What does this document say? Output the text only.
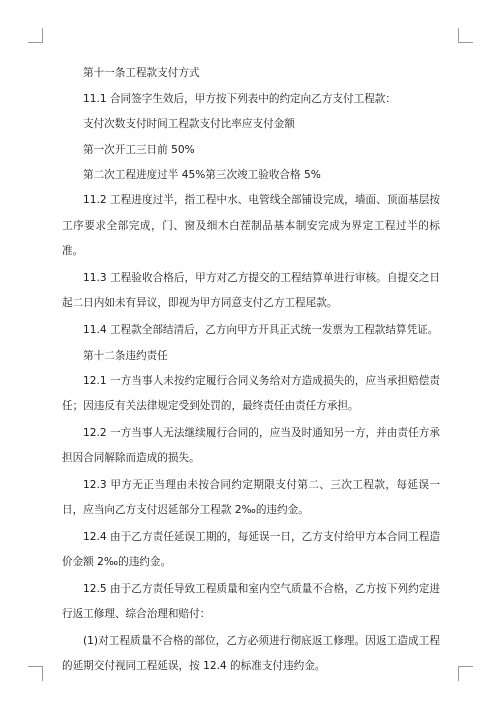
第十一条工程款支付方式

11.1 合同签字生效后，甲方按下列表中的约定向乙方支付工程款：

支付次数支付时间工程款支付比率应支付金额

第一次开工三日前 50%

第二次工程进度过半 45%第三次竣工验收合格 5%

11.2 工程进度过半，指工程中水、电管线全部铺设完成，墙面、顶面基层按工序要求全部完成，门、窗及细木白茬制品基本制安完成为界定工程过半的标准。

11.3 工程验收合格后，甲方对乙方提交的工程结算单进行审核。自提交之日起二日内如未有异议，即视为甲方同意支付乙方工程尾款。

11.4 工程款全部结清后，乙方向甲方开具正式统一发票为工程款结算凭证。

第十二条违约责任

12.1 一方当事人未按约定履行合同义务给对方造成损失的，应当承担赔偿责任；因违反有关法律规定受到处罚的，最终责任由责任方承担。

12.2 一方当事人无法继续履行合同的，应当及时通知另一方，并由责任方承担因合同解除而造成的损失。

12.3 甲方无正当理由未按合同约定期限支付第二、三次工程款，每延误一日，应当向乙方支付迟延部分工程款 2‰的违约金。

12.4 由于乙方责任延误工期的，每延误一日，乙方支付给甲方本合同工程造价金额 2‰的违约金。

12.5 由于乙方责任导致工程质量和室内空气质量不合格，乙方按下列约定进行返工修理、综合治理和赔付：

(1)对工程质量不合格的部位，乙方必须进行彻底返工修理。因返工造成工程的延期交付视同工程延误，按 12.4 的标准支付违约金。
